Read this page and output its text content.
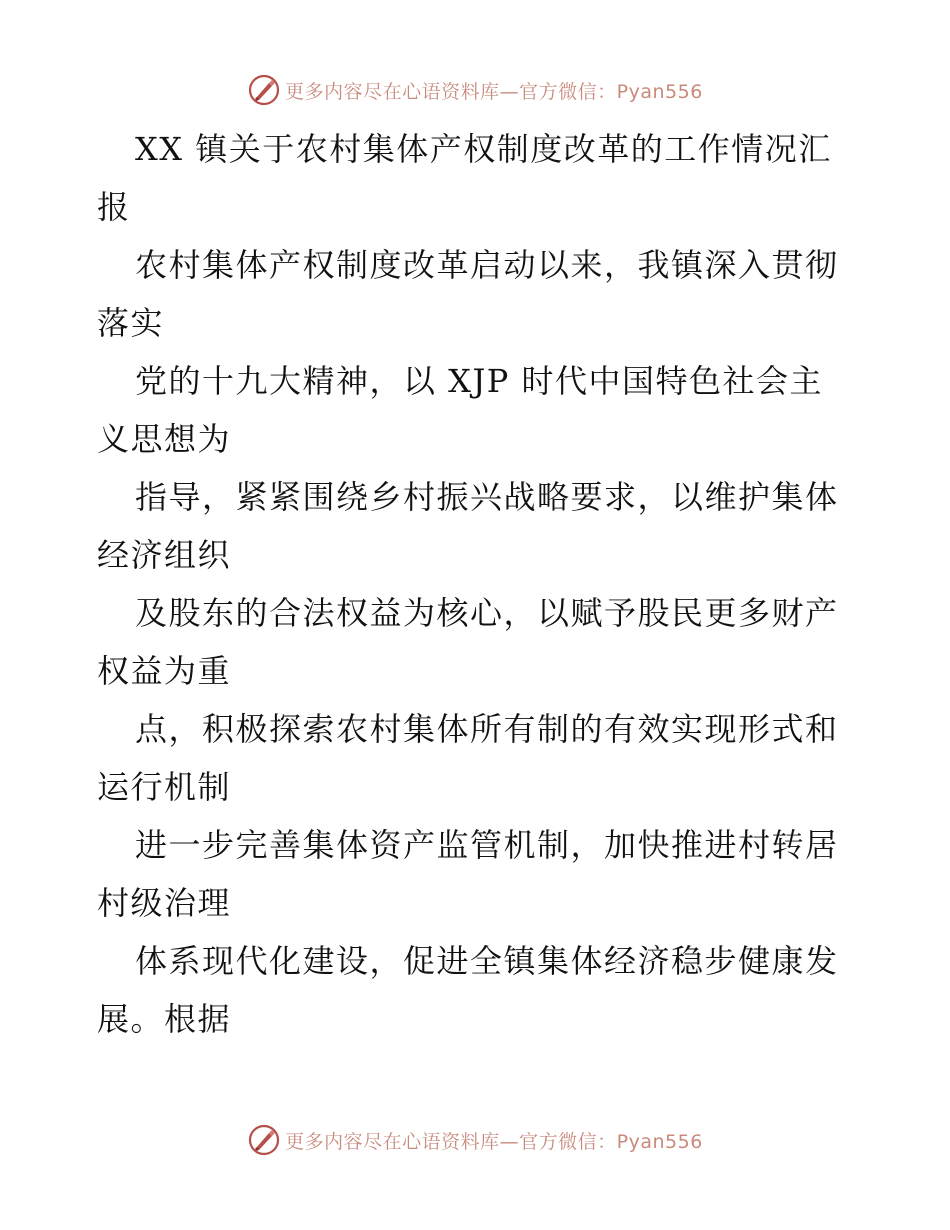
更多内容尽在心语资料库—官方微信：Pyan556
XX 镇关于农村集体产权制度改革的工作情况汇
报
农村集体产权制度改革启动以来，我镇深入贯彻
落实
党的十九大精神，以 XJP 时代中国特色社会主
义思想为
指导，紧紧围绕乡村振兴战略要求，以维护集体
经济组织
及股东的合法权益为核心，以赋予股民更多财产
权益为重
点，积极探索农村集体所有制的有效实现形式和
运行机制
进一步完善集体资产监管机制，加快推进村转居
村级治理
体系现代化建设，促进全镇集体经济稳步健康发
展。根据
更多内容尽在心语资料库—官方微信：Pyan556
